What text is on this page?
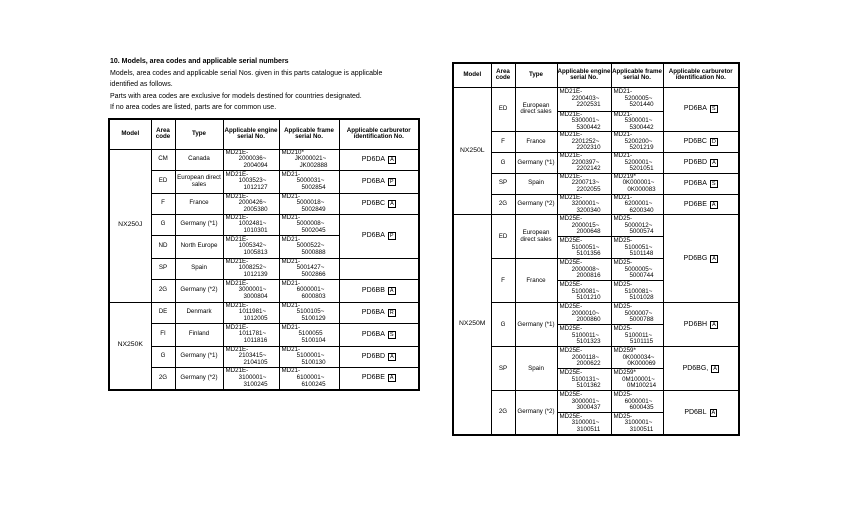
10. Models, area codes and applicable serial numbers
Models, area codes and applicable serial Nos. given in this parts catalogue is applicable
identified as follows.
Parts with area codes are exclusive for models destined for countries designated.
If no area codes are listed, parts are for common use.
Model	Area code	Type	Applicable engine serial No.	Applicable frame serial No.	Applicable carburetor identification No.
NX250J	CM	Canada	MD21E-
2000036~
2004094	MD210*
JK000021~
JK002888	PD6DA A
	ED	European direct sales	MD21E-
1003523~
1012127	MD21-
5000031~
5002854	PD6BA P
	F	France	MD21E-
2000426~
2005380	MD21-
5000018~
5002849	PD6BC A
	G	Germany (*1)	MD21E-
1002481~
1010301	MD21-
5000008~
5002045	PD6BA P
	ND	North Europe	MD21E-
1005342~
1005813	MD21-
5000522~
5000888	

	SP	Spain	MD21E-
1008252~
1012139	MD21-
5001427~
5002866	

	2G	Germany (*2)	MD21E-
3000001~
3000804	MD21-
6000001~
6000803	PD6BB A
NX250K	DE	Denmark	MD21E-
1011981~
1012005	MD21-
5100105~
5100129	PD6BA R
	FI	Finland	MD21E-
1011781~
1011816	MD21-
5100055
5100104	PD6BA S
	G	Germany (*1)	MD21E-
2103415~
2104105	MD21-
5100001~
5100130	PD6BD A
	2G	Germany (*2)	MD21E-
3100001~
3100245	MD21-
6100001~
6100245	PD6BE A
Model	Area code	Type	Applicable engine serial No.	Applicable frame serial No.	Applicable carburetor identification No.
NX250L	ED	European direct sales	MD21E-
2200403~
2202531	MD21-
5200005~
5201440	PD6BA S

			MD21E-
5300001~
5300442	MD21-
5300001~
5300442	

	F	France	MD21E-
2201252~
2202310	MD21-
5200200~
5201219	PD6BC D
	G	Germany (*1)	MD21E-
2200397~
2202142	MD21-
5200001~
5201051	PD6BD A
	SP	Spain	MD21E-
2200713~
2202055	MD219*
0K000001~
0K000083	PD6BA S
	2G	Germany (*2)	MD21E-
3200001~
3200340	MD21-
6200001~
6200340	PD6BE A
NX250M	ED	European direct sales	MD25E-
2000015~
2000648	MD25-
5000012~
5000574	PD6BG A

			MD25E-
5100051~
5101356	MD25-
5100051~
5101148	

	F	France	MD25E-
2000008~
2000816	MD25-
5000005~
5000744	

			MD25E-
5100081~
5101210	MD25-
5100081~
5101028	

	G	Germany (*1)	MD25E-
2000010~
2000860	MD25-
5000007~
5000788	PD6BH A

			MD25E-
5100011~
5101323	MD25-
5100011~
5101115	

	SP	Spain	MD25E-
2000118~
2000622	MD259*
0K000034~
0K000069	PD6BG, A

			MD25E-
5100131~
5101362	MD259*
0M100001~
0M100214	

	2G	Germany (*2)	MD25E-
3000001~
3000437	MD25-
6000001~
6000435	PD6BL A

			MD25E-
3100001~
3100511	MD25-
3100001~
3100511	
